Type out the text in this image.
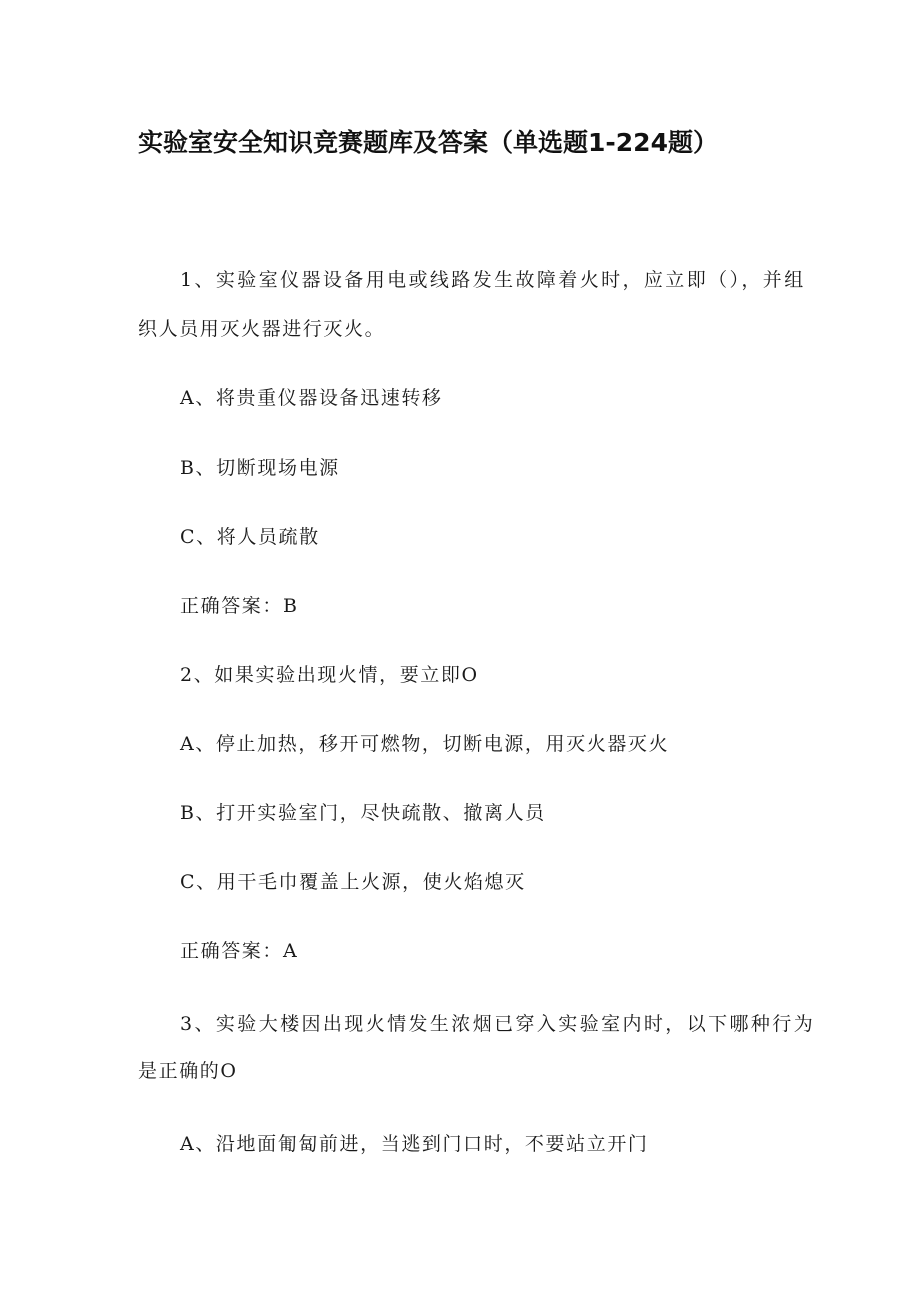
实验室安全知识竞赛题库及答案（单选题1-224题）
1、实验室仪器设备用电或线路发生故障着火时，应立即（），并组
织人员用灭火器进行灭火。
A、将贵重仪器设备迅速转移
B、切断现场电源
C、将人员疏散
正确答案：B
2、如果实验出现火情，要立即O
A、停止加热，移开可燃物，切断电源，用灭火器灭火
B、打开实验室门，尽快疏散、撤离人员
C、用干毛巾覆盖上火源，使火焰熄灭
正确答案：A
3、实验大楼因出现火情发生浓烟已穿入实验室内时，以下哪种行为
是正确的O
A、沿地面匍匐前进，当逃到门口时，不要站立开门
